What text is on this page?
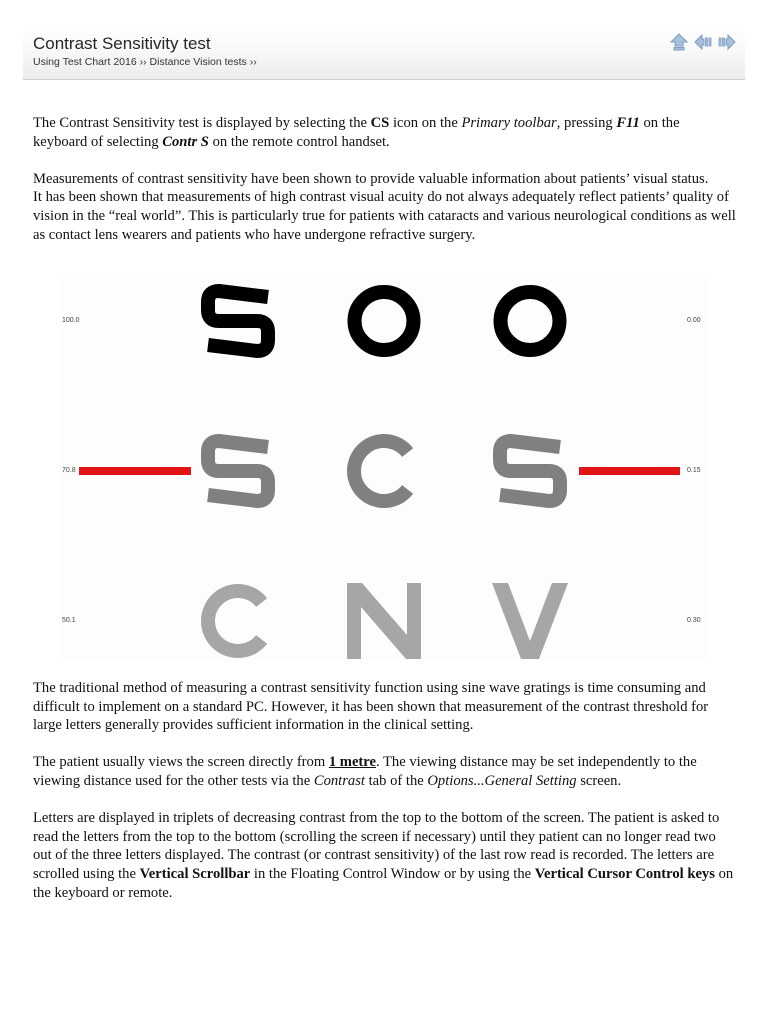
Contrast Sensitivity test
Using Test Chart 2016 ›› Distance Vision tests ››

The Contrast Sensitivity test is displayed by selecting the CS icon on the Primary toolbar, pressing F11 on the keyboard of selecting Contr S on the remote control handset.

Measurements of contrast sensitivity have been shown to provide valuable information about patients’ visual status.

It has been shown that measurements of high contrast visual acuity do not always adequately reflect patients’ quality of vision in the “real world”. This is particularly true for patients with cataracts and various neurological conditions as well as contact lens wearers and patients who have undergone refractive surgery.

100.0	0.00
70.8	0.15
50.1	0.30

The traditional method of measuring a contrast sensitivity function using sine wave gratings is time consuming and difficult to implement on a standard PC. However, it has been shown that measurement of the contrast threshold for large letters generally provides sufficient information in the clinical setting.

The patient usually views the screen directly from 1 metre. The viewing distance may be set independently to the viewing distance used for the other tests via the Contrast tab of the Options...General Setting screen.

Letters are displayed in triplets of decreasing contrast from the top to the bottom of the screen. The patient is asked to read the letters from the top to the bottom (scrolling the screen if necessary) until they patient can no longer read two out of the three letters displayed. The contrast (or contrast sensitivity) of the last row read is recorded. The letters are scrolled using the Vertical Scrollbar in the Floating Control Window or by using the Vertical Cursor Control keys on the keyboard or remote.
